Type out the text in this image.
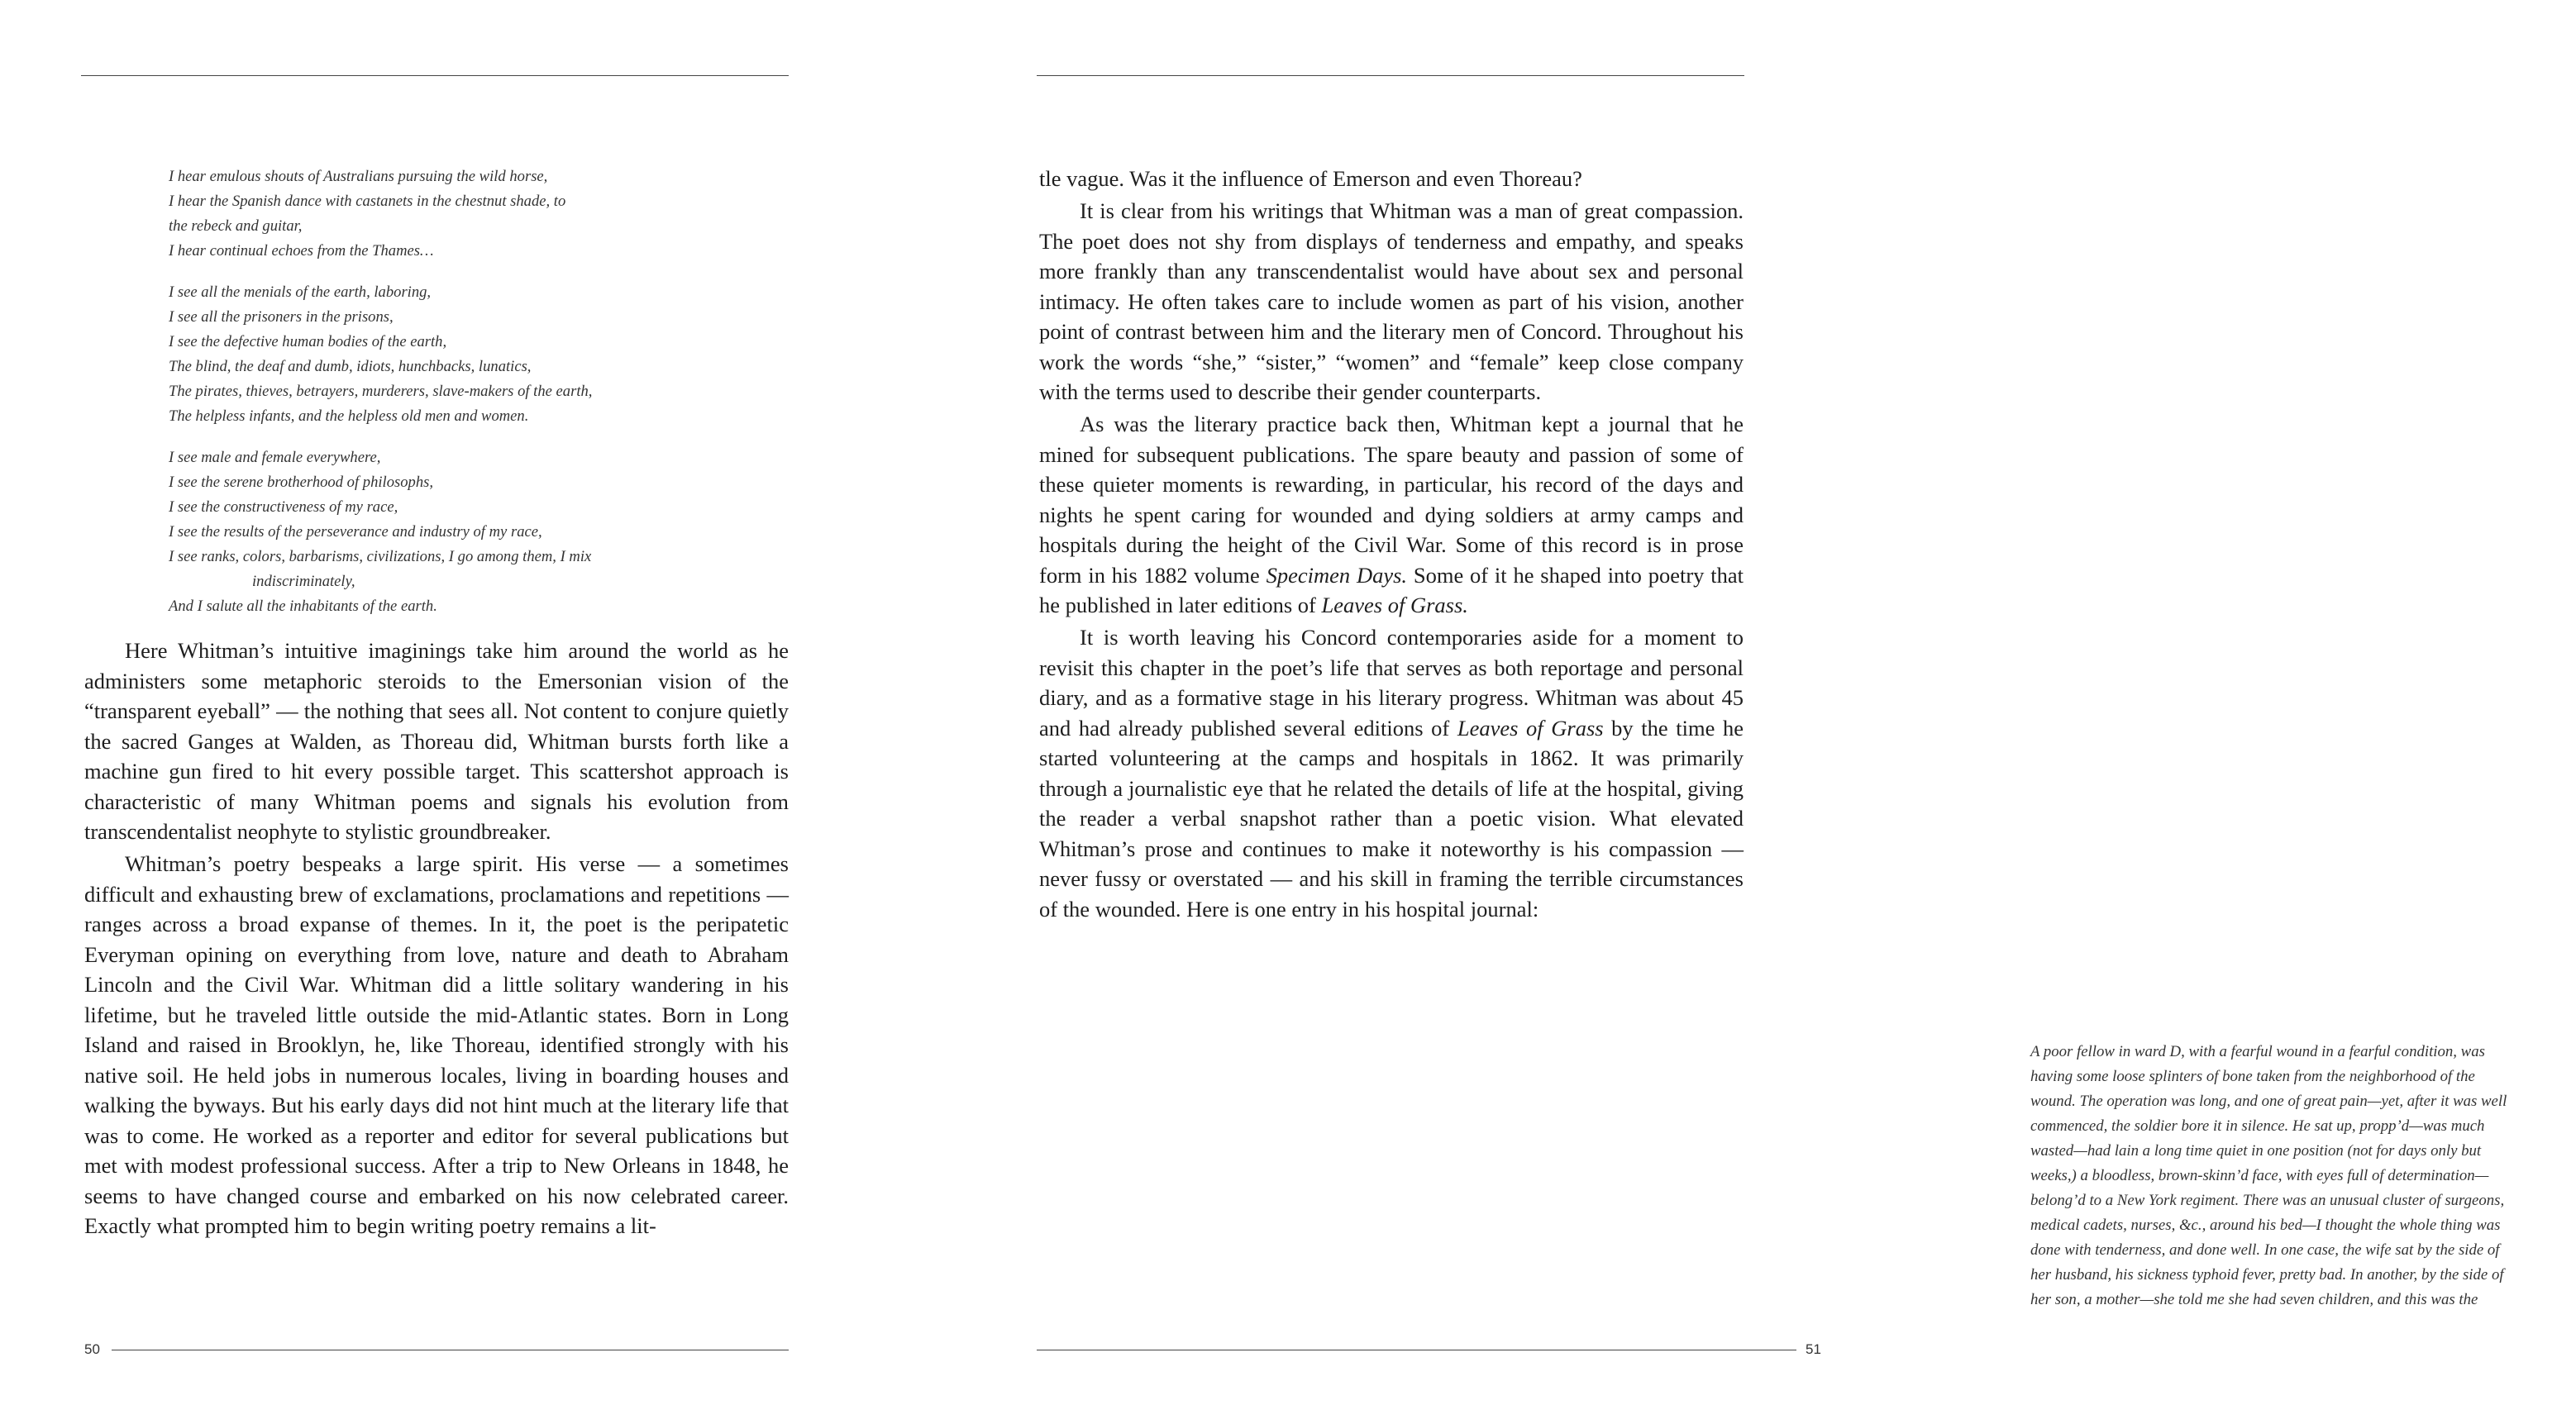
I hear emulous shouts of Australians pursuing the wild horse,
I hear the Spanish dance with castanets in the chestnut shade, to
the rebeck and guitar,
I hear continual echoes from the Thames…
I see all the menials of the earth, laboring,
I see all the prisoners in the prisons,
I see the defective human bodies of the earth,
The blind, the deaf and dumb, idiots, hunchbacks, lunatics,
The pirates, thieves, betrayers, murderers, slave-makers of the earth,
The helpless infants, and the helpless old men and women.
I see male and female everywhere,
I see the serene brotherhood of philosophs,
I see the constructiveness of my race,
I see the results of the perseverance and industry of my race,
I see ranks, colors, barbarisms, civilizations, I go among them, I mix
indiscriminately,
And I salute all the inhabitants of the earth.

Here Whitman’s intuitive imaginings take him around the world as he administers some metaphoric steroids to the Emersonian vision of the “transparent eyeball” — the nothing that sees all. Not content to conjure quietly the sacred Ganges at Walden, as Thoreau did, Whitman bursts forth like a machine gun fired to hit every possible target. This scattershot approach is characteristic of many Whitman poems and signals his evolution from transcendentalist neophyte to stylistic groundbreaker.

Whitman’s poetry bespeaks a large spirit. His verse — a sometimes difficult and exhausting brew of exclamations, proclamations and repetitions — ranges across a broad expanse of themes. In it, the poet is the peripatetic Everyman opining on everything from love, nature and death to Abraham Lincoln and the Civil War. Whitman did a little solitary wandering in his lifetime, but he traveled little outside the mid-Atlantic states. Born in Long Island and raised in Brooklyn, he, like Thoreau, identified strongly with his native soil. He held jobs in numerous locales, living in boarding houses and walking the byways. But his early days did not hint much at the literary life that was to come. He worked as a reporter and editor for several publications but met with modest professional success. After a trip to New Orleans in 1848, he seems to have changed course and embarked on his now celebrated career. Exactly what prompted him to begin writing poetry remains a lit-

50

tle vague. Was it the influence of Emerson and even Thoreau?

It is clear from his writings that Whitman was a man of great compassion. The poet does not shy from displays of tenderness and empathy, and speaks more frankly than any transcendentalist would have about sex and personal intimacy. He often takes care to include women as part of his vision, another point of contrast between him and the literary men of Concord. Throughout his work the words “she,” “sister,” “women” and “female” keep close company with the terms used to describe their gender counterparts.

As was the literary practice back then, Whitman kept a journal that he mined for subsequent publications. The spare beauty and passion of some of these quieter moments is rewarding, in particular, his record of the days and nights he spent caring for wounded and dying soldiers at army camps and hospitals during the height of the Civil War. Some of this record is in prose form in his 1882 volume Specimen Days. Some of it he shaped into poetry that he published in later editions of Leaves of Grass.

It is worth leaving his Concord contemporaries aside for a moment to revisit this chapter in the poet’s life that serves as both reportage and personal diary, and as a formative stage in his literary progress. Whitman was about 45 and had already published several editions of Leaves of Grass by the time he started volunteering at the camps and hospitals in 1862. It was primarily through a journalistic eye that he related the details of life at the hospital, giving the reader a verbal snapshot rather than a poetic vision. What elevated Whitman’s prose and continues to make it noteworthy is his compassion — never fussy or overstated — and his skill in framing the terrible circumstances of the wounded. Here is one entry in his hospital journal:

A poor fellow in ward D, with a fearful wound in a fearful condition, was
having some loose splinters of bone taken from the neighborhood of the
wound. The operation was long, and one of great pain—yet, after it was well
commenced, the soldier bore it in silence. He sat up, propp’d—was much
wasted—had lain a long time quiet in one position (not for days only but
weeks,) a bloodless, brown-skinn’d face, with eyes full of determination—
belong’d to a New York regiment. There was an unusual cluster of surgeons,
medical cadets, nurses, &c., around his bed—I thought the whole thing was
done with tenderness, and done well. In one case, the wife sat by the side of
her husband, his sickness typhoid fever, pretty bad. In another, by the side of
her son, a mother—she told me she had seven children, and this was the
51
